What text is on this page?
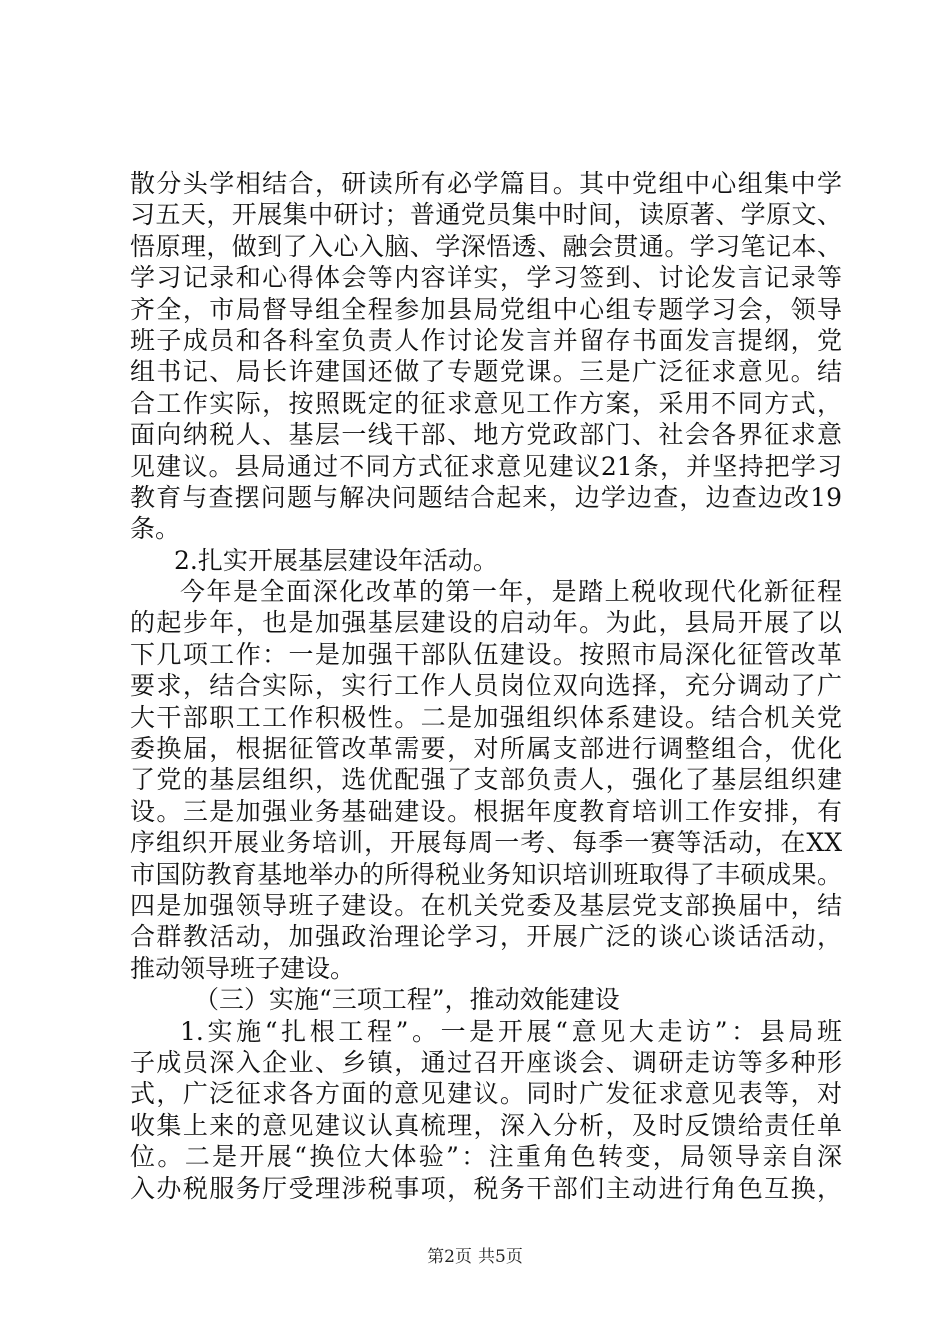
散分头学相结合，研读所有必学篇目。其中党组中心组集中学
习五天，开展集中研讨；普通党员集中时间，读原著、学原文、
悟原理，做到了入心入脑、学深悟透、融会贯通。学习笔记本、
学习记录和心得体会等内容详实，学习签到、讨论发言记录等
齐全，市局督导组全程参加县局党组中心组专题学习会，领导
班子成员和各科室负责人作讨论发言并留存书面发言提纲，党
组书记、局长许建国还做了专题党课。三是广泛征求意见。结
合工作实际，按照既定的征求意见工作方案，采用不同方式，
面向纳税人、基层一线干部、地方党政部门、社会各界征求意
见建议。县局通过不同方式征求意见建议21条，并坚持把学习
教育与查摆问题与解决问题结合起来，边学边查，边查边改19
条。
2.扎实开展基层建设年活动。
今年是全面深化改革的第一年，是踏上税收现代化新征程
的起步年，也是加强基层建设的启动年。为此，县局开展了以
下几项工作：一是加强干部队伍建设。按照市局深化征管改革
要求，结合实际，实行工作人员岗位双向选择，充分调动了广
大干部职工工作积极性。二是加强组织体系建设。结合机关党
委换届，根据征管改革需要，对所属支部进行调整组合，优化
了党的基层组织，选优配强了支部负责人，强化了基层组织建
设。三是加强业务基础建设。根据年度教育培训工作安排，有
序组织开展业务培训，开展每周一考、每季一赛等活动，在XX
市国防教育基地举办的所得税业务知识培训班取得了丰硕成果。
四是加强领导班子建设。在机关党委及基层党支部换届中，结
合群教活动，加强政治理论学习，开展广泛的谈心谈话活动，
推动领导班子建设。
（三）实施“三项工程”，推动效能建设
1.实施“扎根工程”。一是开展“意见大走访”：县局班
子成员深入企业、乡镇，通过召开座谈会、调研走访等多种形
式，广泛征求各方面的意见建议。同时广发征求意见表等，对
收集上来的意见建议认真梳理，深入分析，及时反馈给责任单
位。二是开展“换位大体验”：注重角色转变，局领导亲自深
入办税服务厅受理涉税事项，税务干部们主动进行角色互换，
第2页 共5页
